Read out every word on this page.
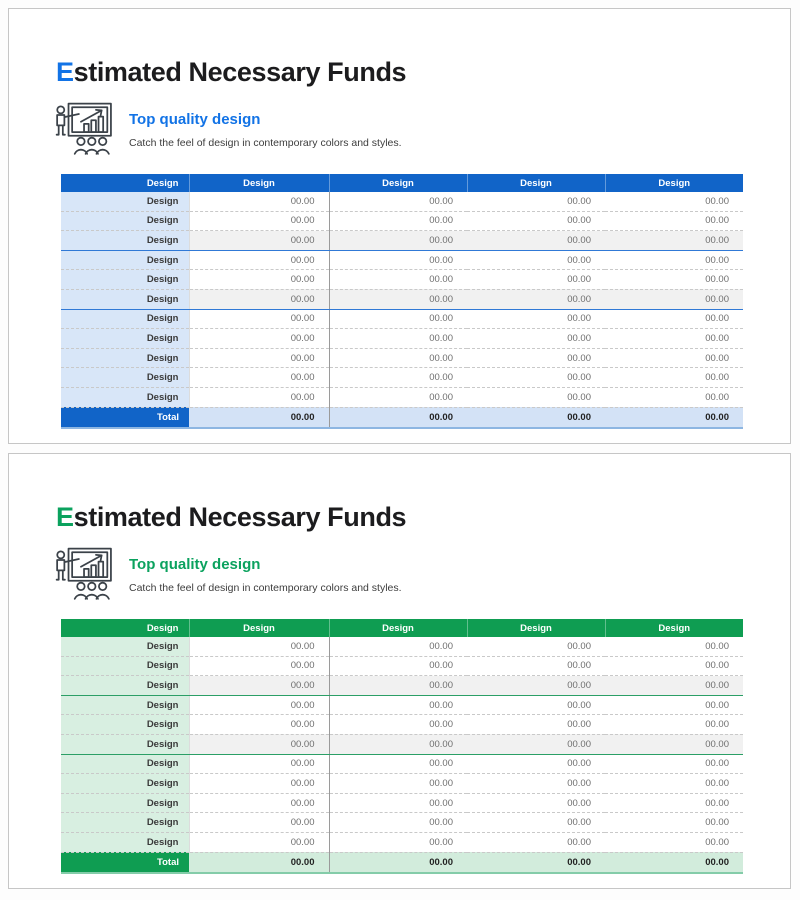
Estimated Necessary Funds
Top quality design
Catch the feel of design in contemporary colors and styles.
Design	Design	Design	Design	Design
Design	00.00	00.00	00.00	00.00
Design	00.00	00.00	00.00	00.00
Design	00.00	00.00	00.00	00.00
Design	00.00	00.00	00.00	00.00
Design	00.00	00.00	00.00	00.00
Design	00.00	00.00	00.00	00.00
Design	00.00	00.00	00.00	00.00
Design	00.00	00.00	00.00	00.00
Design	00.00	00.00	00.00	00.00
Design	00.00	00.00	00.00	00.00
Design	00.00	00.00	00.00	00.00
Total	00.00	00.00	00.00	00.00
Estimated Necessary Funds
Top quality design
Catch the feel of design in contemporary colors and styles.
Design	Design	Design	Design	Design
Design	00.00	00.00	00.00	00.00
Design	00.00	00.00	00.00	00.00
Design	00.00	00.00	00.00	00.00
Design	00.00	00.00	00.00	00.00
Design	00.00	00.00	00.00	00.00
Design	00.00	00.00	00.00	00.00
Design	00.00	00.00	00.00	00.00
Design	00.00	00.00	00.00	00.00
Design	00.00	00.00	00.00	00.00
Design	00.00	00.00	00.00	00.00
Design	00.00	00.00	00.00	00.00
Total	00.00	00.00	00.00	00.00
